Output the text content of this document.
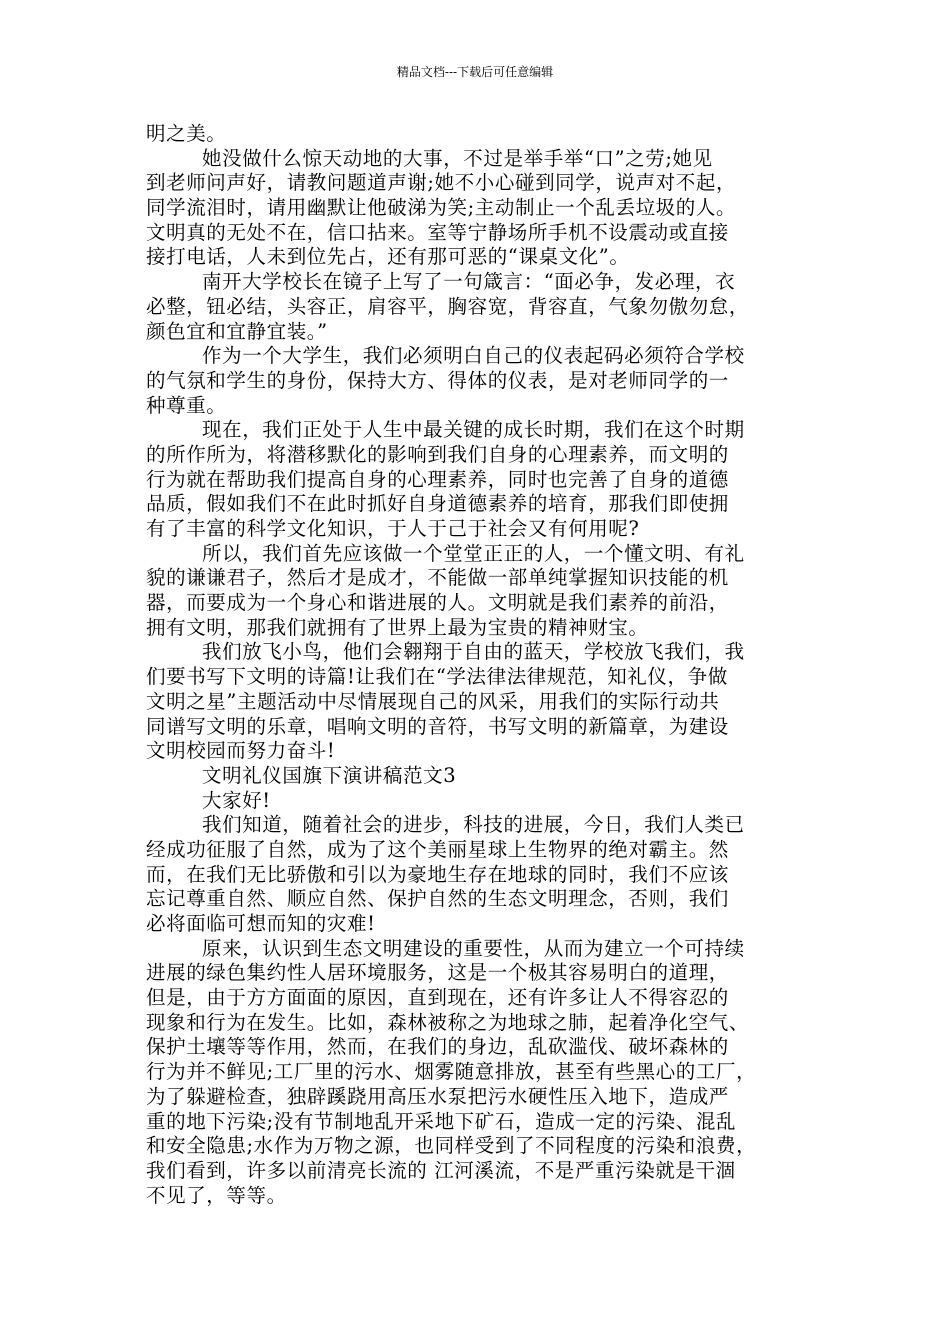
精品文档---下载后可任意编辑
明之美。
她没做什么惊天动地的大事，不过是举手举“口”之劳;她见
到老师问声好，请教问题道声谢;她不小心碰到同学，说声对不起，
同学流泪时，请用幽默让他破涕为笑;主动制止一个乱丢垃圾的人。
文明真的无处不在，信口拈来。室等宁静场所手机不设震动或直接
接打电话，人未到位先占，还有那可恶的“课桌文化”。
南开大学校长在镜子上写了一句箴言：“面必争，发必理，衣
必整，钮必结，头容正，肩容平，胸容宽，背容直，气象勿傲勿怠，
颜色宜和宜静宜装。”
作为一个大学生，我们必须明白自己的仪表起码必须符合学校
的气氛和学生的身份，保持大方、得体的仪表，是对老师同学的一
种尊重。
现在，我们正处于人生中最关键的成长时期，我们在这个时期
的所作所为，将潜移默化的影响到我们自身的心理素养，而文明的
行为就在帮助我们提高自身的心理素养，同时也完善了自身的道德
品质，假如我们不在此时抓好自身道德素养的培育，那我们即使拥
有了丰富的科学文化知识，于人于己于社会又有何用呢?
所以，我们首先应该做一个堂堂正正的人，一个懂文明、有礼
貌的谦谦君子，然后才是成才，不能做一部单纯掌握知识技能的机
器，而要成为一个身心和谐进展的人。文明就是我们素养的前沿，
拥有文明，那我们就拥有了世界上最为宝贵的精神财宝。
我们放飞小鸟，他们会翱翔于自由的蓝天，学校放飞我们，我
们要书写下文明的诗篇!让我们在“学法律法律规范，知礼仪，争做
文明之星”主题活动中尽情展现自己的风采，用我们的实际行动共
同谱写文明的乐章，唱响文明的音符，书写文明的新篇章，为建设
文明校园而努力奋斗!
文明礼仪国旗下演讲稿范文3
大家好!
我们知道，随着社会的进步，科技的进展，今日，我们人类已
经成功征服了自然，成为了这个美丽星球上生物界的绝对霸主。然
而，在我们无比骄傲和引以为豪地生存在地球的同时，我们不应该
忘记尊重自然、顺应自然、保护自然的生态文明理念，否则，我们
必将面临可想而知的灾难!
原来，认识到生态文明建设的重要性，从而为建立一个可持续
进展的绿色集约性人居环境服务，这是一个极其容易明白的道理，
但是，由于方方面面的原因，直到现在，还有许多让人不得容忍的
现象和行为在发生。比如，森林被称之为地球之肺，起着净化空气、
保护土壤等等作用，然而，在我们的身边，乱砍滥伐、破坏森林的
行为并不鲜见;工厂里的污水、烟雾随意排放，甚至有些黑心的工厂，
为了躲避检查，独辟蹊跷用高压水泵把污水硬性压入地下，造成严
重的地下污染;没有节制地乱开采地下矿石，造成一定的污染、混乱
和安全隐患;水作为万物之源，也同样受到了不同程度的污染和浪费，
我们看到，许多以前清亮长流的 江河溪流，不是严重污染就是干涸
不见了，等等。
